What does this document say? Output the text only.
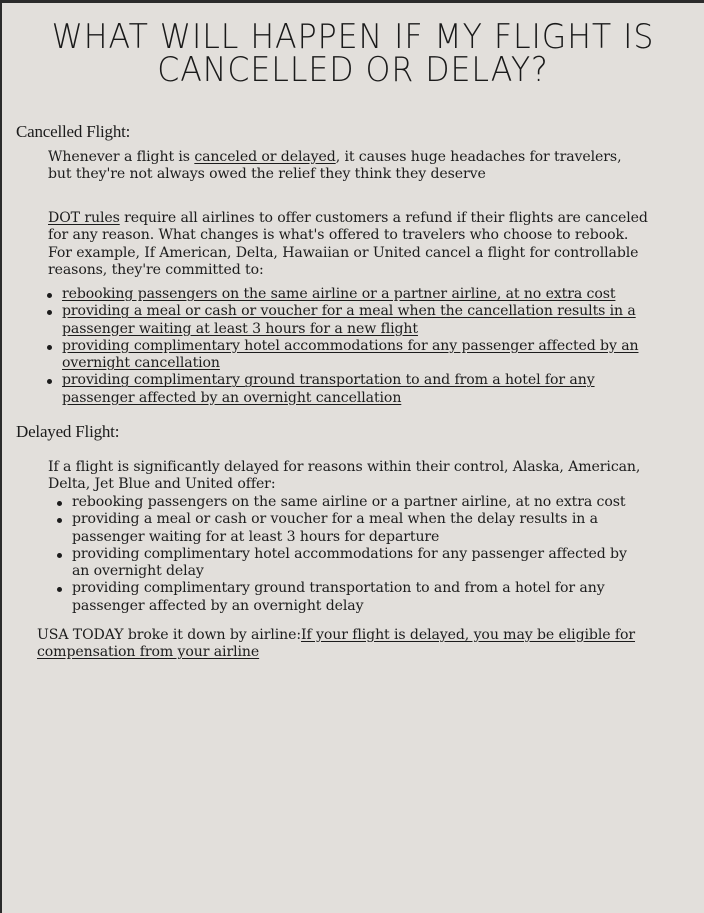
WHAT WILL HAPPEN IF MY FLIGHT IS
CANCELLED OR DELAY?
Cancelled Flight:
Whenever a flight is canceled or delayed, it causes huge headaches for travelers, but they're not always owed the relief they think they deserve
DOT rules require all airlines to offer customers a refund if their flights are canceled for any reason. What changes is what's offered to travelers who choose to rebook.
For example, If American, Delta, Hawaiian or United cancel a flight for controllable reasons, they're committed to:
rebooking passengers on the same airline or a partner airline, at no extra cost
providing a meal or cash or voucher for a meal when the cancellation results in a passenger waiting at least 3 hours for a new flight
providing complimentary hotel accommodations for any passenger affected by an overnight cancellation
providing complimentary ground transportation to and from a hotel for any passenger affected by an overnight cancellation
Delayed Flight:
If a flight is significantly delayed for reasons within their control, Alaska, American, Delta, Jet Blue and United offer:
rebooking passengers on the same airline or a partner airline, at no extra cost
providing a meal or cash or voucher for a meal when the delay results in a passenger waiting for at least 3 hours for departure
providing complimentary hotel accommodations for any passenger affected by an overnight delay
providing complimentary ground transportation to and from a hotel for any passenger affected by an overnight delay
USA TODAY broke it down by airline:If your flight is delayed, you may be eligible for compensation from your airline
